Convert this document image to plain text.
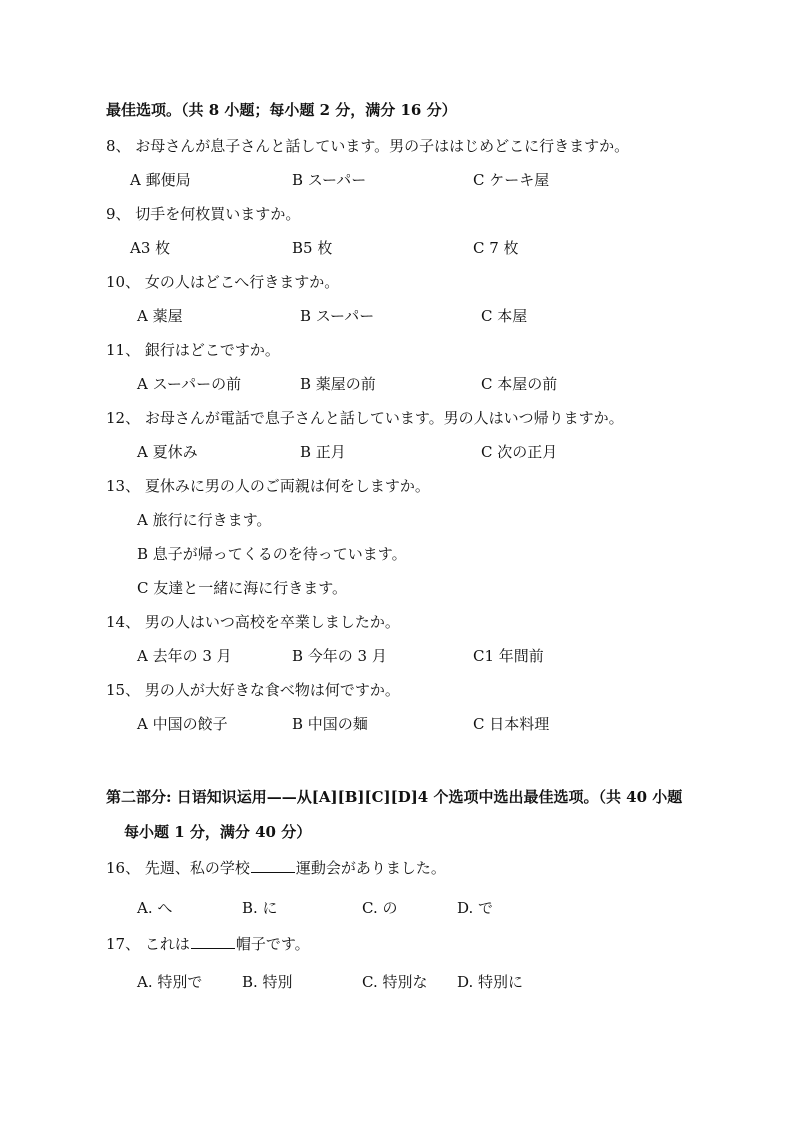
最佳选项。（共 8 小题；每小题 2 分，满分 16 分）
8、 お母さんが息子さんと話しています。男の子ははじめどこに行きますか。
A 郵便局	B スーパー	C ケーキ屋
9、 切手を何枚買いますか。
A3 枚	B5 枚	C 7 枚
10、 女の人はどこへ行きますか。
A 薬屋	B スーパー	C 本屋
11、 銀行はどこですか。
A スーパーの前	B 薬屋の前	C 本屋の前
12、 お母さんが電話で息子さんと話しています。男の人はいつ帰りますか。
A 夏休み	B 正月	C 次の正月
13、 夏休みに男の人のご両親は何をしますか。
A 旅行に行きます。
B 息子が帰ってくるのを待っています。
C 友達と一緒に海に行きます。
14、 男の人はいつ高校を卒業しましたか。
A 去年の 3 月	B 今年の 3 月	C1 年間前
15、 男の人が大好きな食べ物は何ですか。
A 中国の餃子	B 中国の麺	C 日本料理
第二部分: 日语知识运用——从[A][B][C][D]4 个选项中选出最佳选项。（共 40 小题
每小题 1 分，满分 40 分）
16、 先週、私の学校	運動会がありました。
A. へ	B. に	C. の	D. で
17、 これは	帽子です。
A. 特別で	B. 特別	C. 特別な D. 特別に
